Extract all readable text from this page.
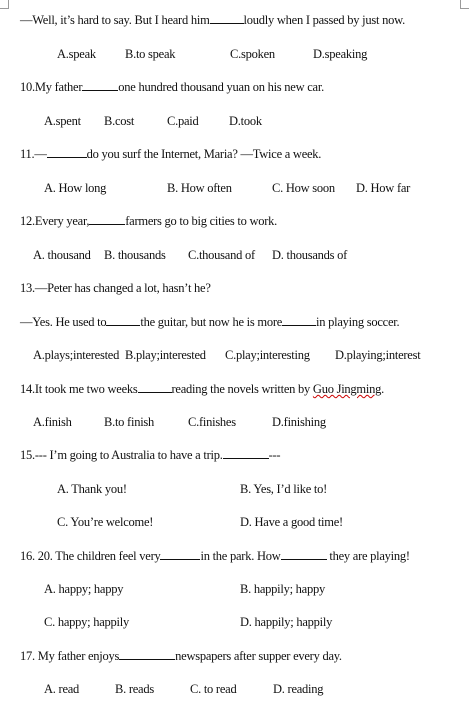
—Well, it’s hard to say. But I heard him	loudly when I passed by just now.
A.speak B.to speak	C.spoken	D.speaking
10.My father	one hundred thousand yuan on his new car.
A.spent B.cost	C.paid D.took
11.—	do you surf the Internet, Maria? —Twice a week.
A. How long	B. How often	C. How soon D. How far
12.Every year,	farmers go to big cities to work.
A. thousand B. thousands C.thousand of D. thousands of
13.—Peter has changed a lot, hasn’t he?
—Yes. He used to	the guitar, but now he is more	in playing soccer.
A.plays;interested B.play;interested C.play;interesting D.playing;interest
14.It took me two weeks	reading the novels written by Guo Jingming.
A.finish	B.to finish	C.finishes	D.finishing
15.--- I’m going to Australia to have a trip.	---
A. Thank you!	B. Yes, I’d like to!
C. You’re welcome!	D. Have a good time!
16. 20. The children feel very	in the park. How	they are playing!
A. happy; happy	B. happily; happy
C. happy; happily	D. happily; happily
17. My father enjoys	newspapers after supper every day.
A. read	B. reads	C. to read	D. reading
